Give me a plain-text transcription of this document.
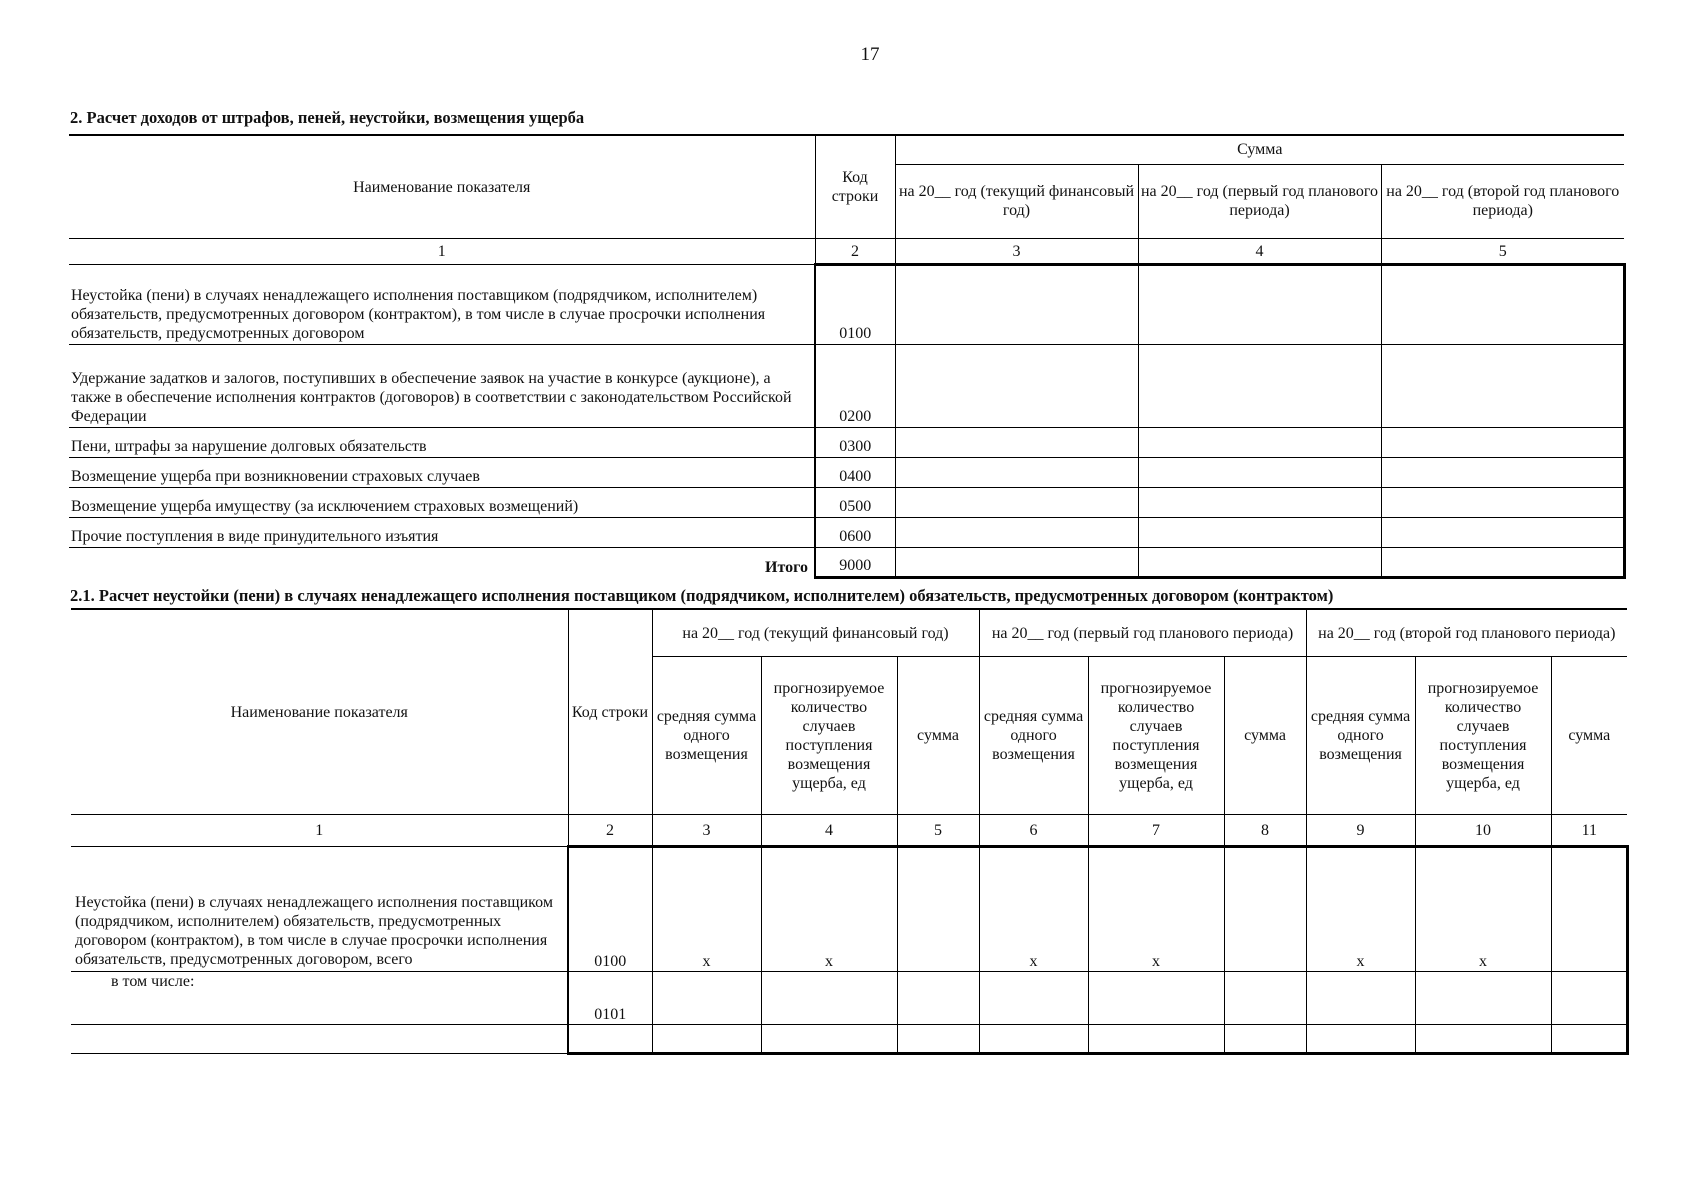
17
2. Расчет доходов от штрафов, пеней, неустойки, возмещения ущерба
Наименование показателя	Код строки	Сумма		
		на 20__ год (текущий финансовый год)	на 20__ год (первый год планового периода)	на 20__ год (второй год планового периода)
1	2	3	4	5
Неустойка (пени) в случаях ненадлежащего исполнения поставщиком (подрядчиком, исполнителем) обязательств, предусмотренных договором (контрактом), в том числе в случае просрочки исполнения обязательств, предусмотренных договором	0100			
Удержание задатков и залогов, поступивших в обеспечение заявок на участие в конкурсе (аукционе), а также в обеспечение исполнения контрактов (договоров) в соответствии с законодательством Российской Федерации	0200			
Пени, штрафы за нарушение долговых обязательств	0300			
Возмещение ущерба при возникновении страховых случаев	0400			
Возмещение ущерба имуществу (за исключением страховых возмещений)	0500			
Прочие поступления в виде принудительного изъятия	0600			
Итого	9000			
2.1. Расчет неустойки (пени) в случаях ненадлежащего исполнения поставщиком (подрядчиком, исполнителем) обязательств, предусмотренных договором (контрактом)
Наименование показателя	Код строки	на 20__ год (текущий финансовый год)			на 20__ год (первый год планового периода)			на 20__ год (второй год планового периода)		
		средняя сумма одного возмещения	прогнозируемое количество случаев поступления возмещения ущерба, ед	сумма	средняя сумма одного возмещения	прогнозируемое количество случаев поступления возмещения ущерба, ед	сумма	средняя сумма одного возмещения	прогнозируемое количество случаев поступления возмещения ущерба, ед	сумма
1	2	3	4	5	6	7	8	9	10	11
Неустойка (пени) в случаях ненадлежащего исполнения поставщиком (подрядчиком, исполнителем) обязательств, предусмотренных договором (контрактом), в том числе в случае просрочки исполнения обязательств, предусмотренных договором, всего	0100	x	x		x	x		x	x	
в том числе:	0101									
